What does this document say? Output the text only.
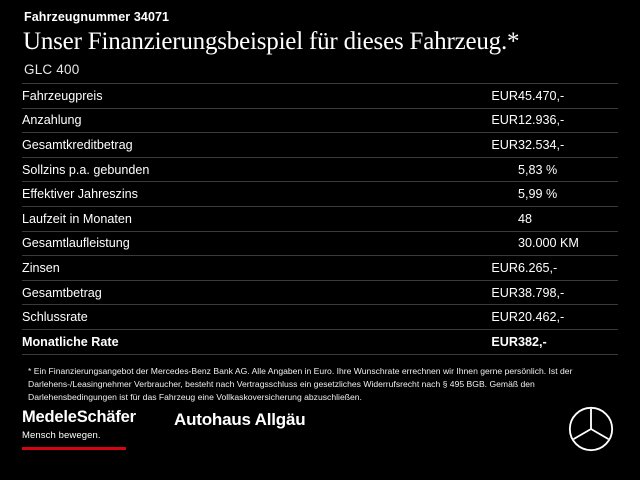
Fahrzeugnummer 34071
Unser Finanzierungsbeispiel für dieses Fahrzeug.*
GLC 400
Fahrzeugpreis	EUR	45.470,-
Anzahlung	EUR	12.936,-
Gesamtkreditbetrag	EUR	32.534,-
Sollzins p.a. gebunden		5,83 %
Effektiver Jahreszins		5,99 %
Laufzeit in Monaten		48
Gesamtlaufleistung		30.000 KM
Zinsen	EUR	6.265,-
Gesamtbetrag	EUR	38.798,-
Schlussrate	EUR	20.462,-
Monatliche Rate	EUR	382,-
* Ein Finanzierungsangebot der Mercedes-Benz Bank AG. Alle Angaben in Euro. Ihre Wunschrate errechnen wir Ihnen gerne persönlich. Ist der Darlehens-/Leasingnehmer Verbraucher, besteht nach Vertragsschluss ein gesetzliches Widerrufsrecht nach § 495 BGB. Gemäß den Darlehensbedingungen ist für das Fahrzeug eine Vollkaskoversicherung abzuschließen.
MedeleSchäfer
Mensch bewegen.
Autohaus Allgäu
